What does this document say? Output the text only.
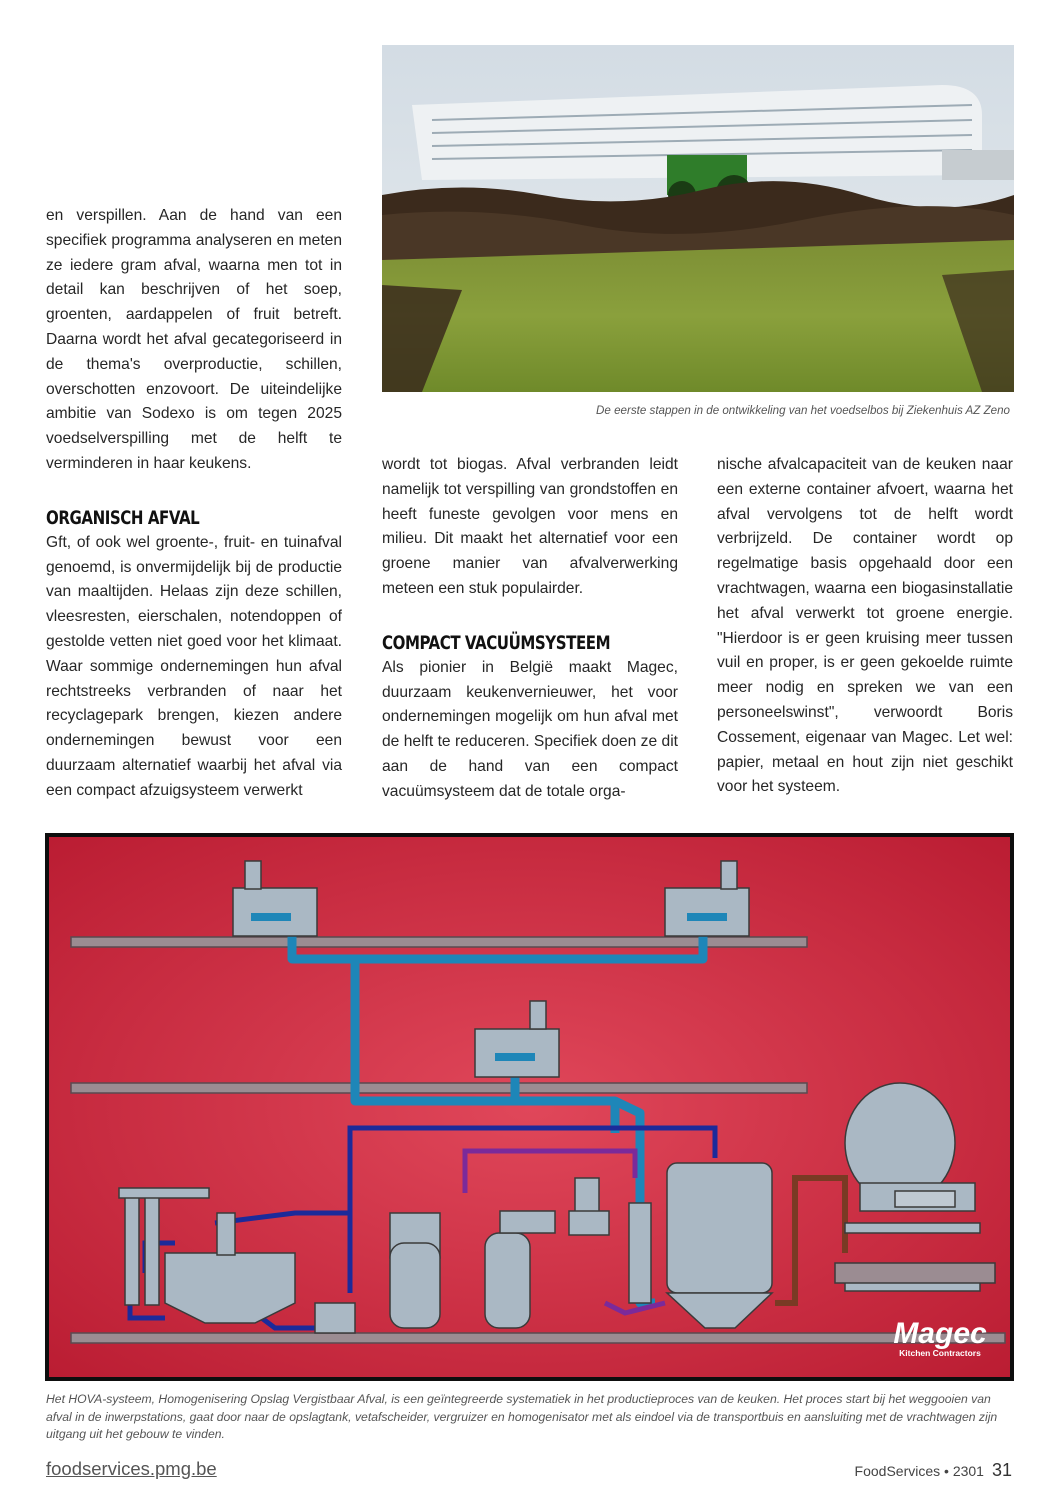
en verspillen. Aan de hand van een specifiek programma analyseren en meten ze iedere gram afval, waarna men tot in detail kan beschrijven of het soep, groenten, aardappelen of fruit betreft. Daarna wordt het afval gecategoriseerd in de thema's overproductie, schillen, overschotten enzovoort. De uiteindelijke ambitie van Sodexo is om tegen 2025 voedselverspilling met de helft te verminderen in haar keukens.

ORGANISCH AFVAL

Gft, of ook wel groente-, fruit- en tuinafval genoemd, is onvermijdelijk bij de productie van maaltijden. Helaas zijn deze schillen, vleesresten, eierschalen, notendoppen of gestolde vetten niet goed voor het klimaat. Waar sommige ondernemingen hun afval rechtstreeks verbranden of naar het recyclagepark brengen, kiezen andere ondernemingen bewust voor een duurzaam alternatief waarbij het afval via een compact afzuigsysteem verwerkt

De eerste stappen in de ontwikkeling van het voedselbos bij Ziekenhuis AZ Zeno

wordt tot biogas. Afval verbranden leidt namelijk tot verspilling van grondstoffen en heeft funeste gevolgen voor mens en milieu. Dit maakt het alternatief voor een groene manier van afvalverwerking meteen een stuk populairder.

COMPACT VACUÜMSYSTEEM

Als pionier in België maakt Magec, duurzaam keukenvernieuwer, het voor ondernemingen mogelijk om hun afval met de helft te reduceren. Specifiek doen ze dit aan de hand van een compact vacuümsysteem dat de totale orga-

nische afvalcapaciteit van de keuken naar een externe container afvoert, waarna het afval vervolgens tot de helft wordt verbrijzeld. De container wordt op regelmatige basis opgehaald door een vrachtwagen, waarna een biogasinstallatie het afval verwerkt tot groene energie. "Hierdoor is er geen kruising meer tussen vuil en proper, is er geen gekoelde ruimte meer nodig en spreken we van een personeelswinst", verwoordt Boris Cossement, eigenaar van Magec. Let wel: papier, metaal en hout zijn niet geschikt voor het systeem.

Magec
Kitchen Contractors
Het HOVA-systeem, Homogenisering Opslag Vergistbaar Afval, is een geïntegreerde systematiek in het productieproces van de keuken. Het proces start bij het weggooien van afval in de inwerpstations, gaat door naar de opslagtank, vetafscheider, vergruizer en homogenisator met als eindoel via de transportbuis en aansluiting met de vrachtwagen zijn uitgang uit het gebouw te vinden.
foodservices.pmg.be	FoodServices • 2301 31
